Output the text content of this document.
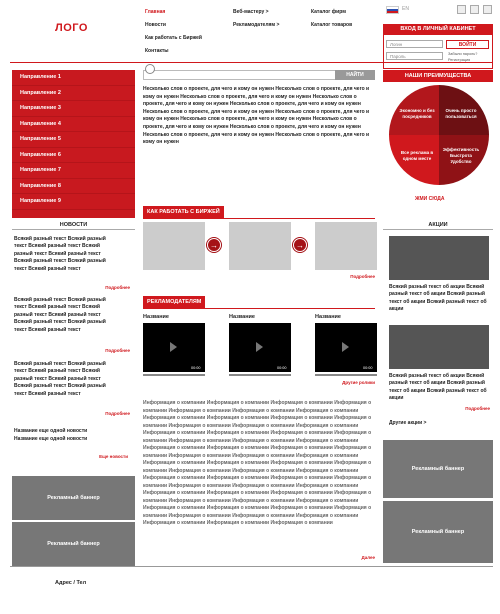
ЛОГО
Главная
Новости
Как работать с Биржей
Контакты
Веб-мастеру >
Рекламодателям >
Каталог фирм
Каталог товаров
EN
ВХОД В ЛИЧНЫЙ КАБИНЕТ
Логин	ВОЙТИ
Пароль	Забыли пароль?
Регистрация
Направление 1
Направление 2
Направление 3
Направление 4
Направление 5
Направление 6
Направление 7
Направление 8
Направление 9
НАЙТИ
Несколько слов о проекте, для чего и кому он нужен Несколько слов о проекте, для чего и кому он нужен Несколько слов о проекте, для чего и кому он нужен Несколько слов о проекте, для чего и кому он нужен Несколько слов о проекте, для чего и кому он нужен Несколько слов о проекте, для чего и кому он нужен Несколько слов о проекте, для чего и кому он нужен Несколько слов о проекте, для чего и кому он нужен Несколько слов о проекте, для чего и кому он нужен Несколько слов о проекте, для чего и кому он нужен Несколько слов о проекте, для чего и кому он нужен Несколько слов о проекте, для чего и кому он нужен
НАШИ ПРЕИМУЩЕСТВА
Экономно и без посредников
Очень просто пользоваться
Все реклама в одном месте
Эффективность Быстрота Удобство
ЖМИ СЮДА
НОВОСТИ
Всякий разный текст Всякий разный текст Всякий разный текст Всякий разный текст Всякий разный текст Всякий разный текст Всякий разный текст Всякий разный текст
Подробнее
Всякий разный текст Всякий разный текст Всякий разный текст Всякий разный текст Всякий разный текст Всякий разный текст Всякий разный текст Всякий разный текст
Подробнее
Всякий разный текст Всякий разный текст Всякий разный текст Всякий разный текст Всякий разный текст Всякий разный текст Всякий разный текст Всякий разный текст
Подробнее
Название еще одной новости
Название еще одной новости
Еще новости
КАК РАБОТАТЬ С БИРЖЕЙ
→	→
Подробнее
РЕКЛАМОДАТЕЛЯМ
Название
00:00
Название
00:00
Название
00:00
Другие ролики
Информация о компании Информация о компании Информация о компании Информация о компании Информация о компании Информация о компании Информация о компании Информация о компании Информация о компании Информация о компании Информация о компании Информация о компании Информация о компании Информация о компании Информация о компании Информация о компании Информация о компании Информация о компании Информация о компании Информация о компании Информация о компании Информация о компании Информация о компании Информация о компании Информация о компании Информация о компании Информация о компании Информация о компании Информация о компании Информация о компании Информация о компании Информация о компании Информация о компании Информация о компании Информация о компании Информация о компании Информация о компании Информация о компании Информация о компании Информация о компании Информация о компании Информация о компании Информация о компании Информация о компании Информация о компании Информация о компании Информация о компании Информация о компании Информация о компании Информация о компании Информация о компании Информация о компании Информация о компании Информация о компании Информация о компании Информация о компании Информация о компании Информация о компании Информация о компании
Далее
АКЦИИ
Всякий разный текст об акции Всякий разный текст об акции Всякий разный текст об акции Всякий разный текст об акции
Всякий разный текст об акции Всякий разный текст об акции Всякий разный текст об акции Всякий разный текст об акции
Подробнее
Другие акции >
Рекламный баннер
Рекламный баннер
Рекламный баннер
Рекламный баннер
Адрес / Тел
